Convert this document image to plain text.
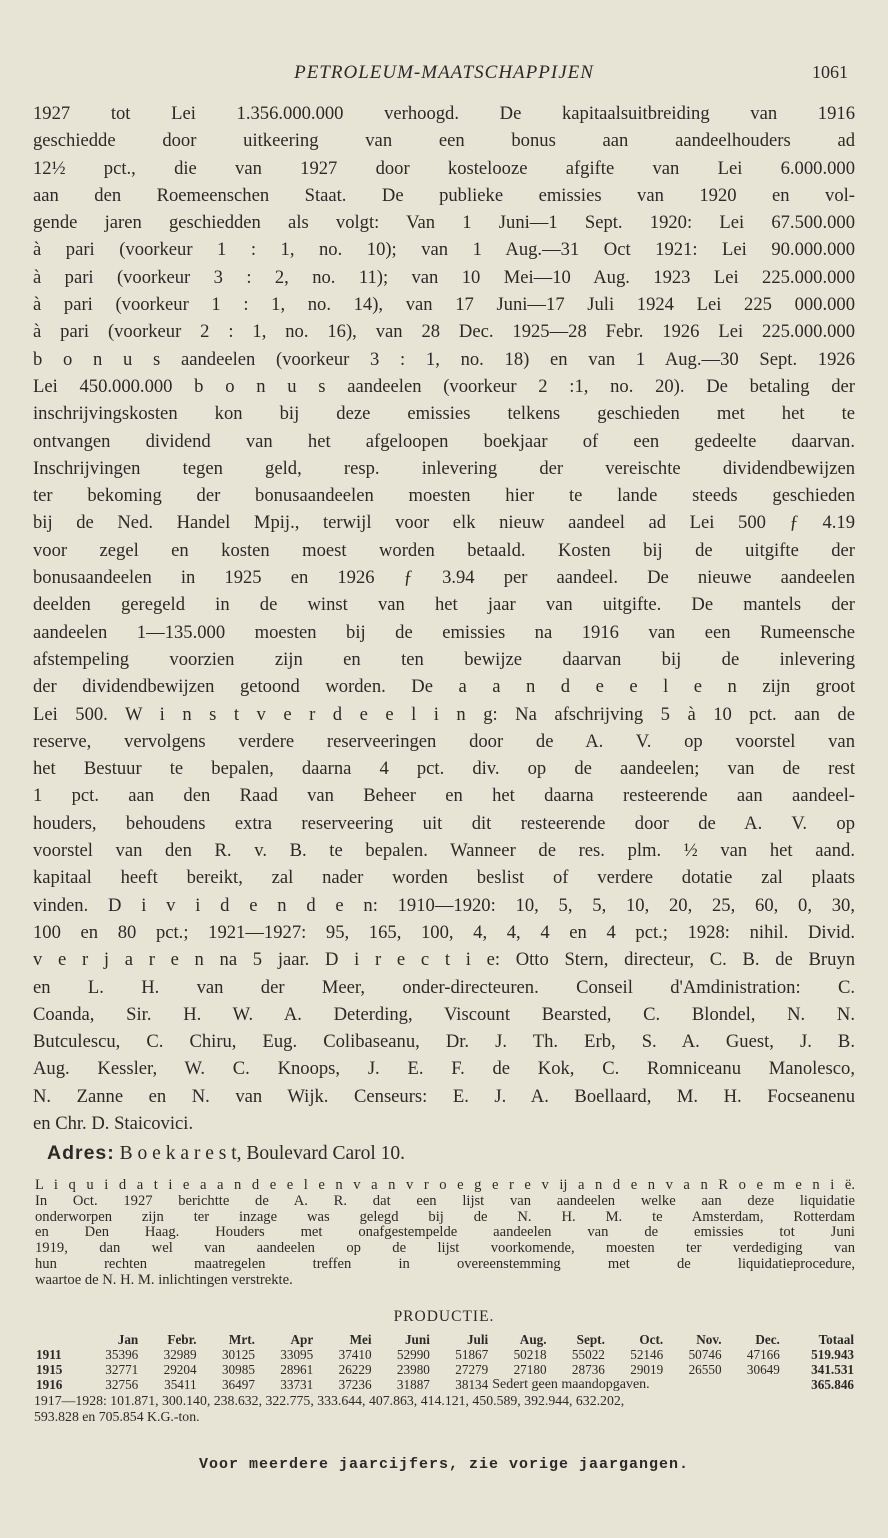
PETROLEUM-MAATSCHAPPIJEN	1061
1927 tot Lei 1.356.000.000 verhoogd. De kapitaalsuitbreiding van 1916
geschiedde door uitkeering van een bonus aan aandeelhouders ad
12½ pct., die van 1927 door kostelooze afgifte van Lei 6.000.000
aan den Roemeenschen Staat. De publieke emissies van 1920 en vol-
gende jaren geschiedden als volgt: Van 1 Juni—1 Sept. 1920: Lei 67.500.000
à pari (voorkeur 1 : 1, no. 10); van 1 Aug.—31 Oct 1921: Lei 90.000.000
à pari (voorkeur 3 : 2, no. 11); van 10 Mei—10 Aug. 1923 Lei 225.000.000
à pari (voorkeur 1 : 1, no. 14), van 17 Juni—17 Juli 1924 Lei 225 000.000
à pari (voorkeur 2 : 1, no. 16), van 28 Dec. 1925—28 Febr. 1926 Lei 225.000.000
b o n u s aandeelen (voorkeur 3 : 1, no. 18) en van 1 Aug.—30 Sept. 1926
Lei 450.000.000 b o n u s aandeelen (voorkeur 2 :1, no. 20). De betaling der
inschrijvingskosten kon bij deze emissies telkens geschieden met het te
ontvangen dividend van het afgeloopen boekjaar of een gedeelte daarvan.
Inschrijvingen tegen geld, resp. inlevering der vereischte dividendbewijzen
ter bekoming der bonusaandeelen moesten hier te lande steeds geschieden
bij de Ned. Handel Mpij., terwijl voor elk nieuw aandeel ad Lei 500 ƒ 4.19
voor zegel en kosten moest worden betaald. Kosten bij de uitgifte der
bonusaandeelen in 1925 en 1926 ƒ 3.94 per aandeel. De nieuwe aandeelen
deelden geregeld in de winst van het jaar van uitgifte. De mantels der
aandeelen 1—135.000 moesten bij de emissies na 1916 van een Rumeensche
afstempeling voorzien zijn en ten bewijze daarvan bij de inlevering
der dividendbewijzen getoond worden. De a a n d e e l e n zijn groot
Lei 500. W i n s t v e r d e e l i n g: Na afschrijving 5 à 10 pct. aan de
reserve, vervolgens verdere reserveeringen door de A. V. op voorstel van
het Bestuur te bepalen, daarna 4 pct. div. op de aandeelen; van de rest
1 pct. aan den Raad van Beheer en het daarna resteerende aan aandeel-
houders, behoudens extra reserveering uit dit resteerende door de A. V. op
voorstel van den R. v. B. te bepalen. Wanneer de res. plm. ½ van het aand.
kapitaal heeft bereikt, zal nader worden beslist of verdere dotatie zal plaats
vinden. D i v i d e n d e n: 1910—1920: 10, 5, 5, 10, 20, 25, 60, 0, 30,
100 en 80 pct.; 1921—1927: 95, 165, 100, 4, 4, 4 en 4 pct.; 1928: nihil. Divid.
v e r j a r e n na 5 jaar. D i r e c t i e: Otto Stern, directeur, C. B. de Bruyn
en L. H. van der Meer, onder-directeuren. Conseil d'Amdinistration: C.
Coanda, Sir. H. W. A. Deterding, Viscount Bearsted, C. Blondel, N. N.
Butculescu, C. Chiru, Eug. Colibaseanu, Dr. J. Th. Erb, S. A. Guest, J. B.
Aug. Kessler, W. C. Knoops, J. E. F. de Kok, C. Romniceanu Manolesco,
N. Zanne en N. van Wijk. Censeurs: E. J. A. Boellaard, M. H. Focseanenu
en Chr. D. Staicovici.
Adres: B o e k a r e s t, Boulevard Carol 10.
L i q u i d a t i e a a n d e e l e n v a n v r o e g e r e v ij a n d e n v a n R o e m e n i ë.
In Oct. 1927 berichtte de A. R. dat een lijst van aandeelen welke aan deze liquidatie
onderworpen zijn ter inzage was gelegd bij de N. H. M. te Amsterdam, Rotterdam
en Den Haag. Houders met onafgestempelde aandeelen van de emissies tot Juni
1919, dan wel van aandeelen op de lijst voorkomende, moesten ter verdediging van
hun rechten maatregelen treffen in overeenstemming met de liquidatieprocedure,
waartoe de N. H. M. inlichtingen verstrekte.
PRODUCTIE.
	Jan	Febr.	Mrt.	Apr	Mei	Juni	Juli	Aug.	Sept.	Oct.	Nov.	Dec.	Totaal
1911	35396	32989	30125	33095	37410	52990	51867	50218	55022	52146	50746	47166	519.943
1915	32771	29204	30985	28961	26229	23980	27279	27180	28736	29019	26550	30649	341.531
1916	32756	35411	36497	33731	37236	31887	38134	Sedert geen maandopgaven.					365.846
1917—1928: 101.871, 300.140, 238.632, 322.775, 333.644, 407.863, 414.121, 450.589, 392.944, 632.202,
593.828 en 705.854 K.G.-ton.
Voor meerdere jaarcijfers, zie vorige jaargangen.
